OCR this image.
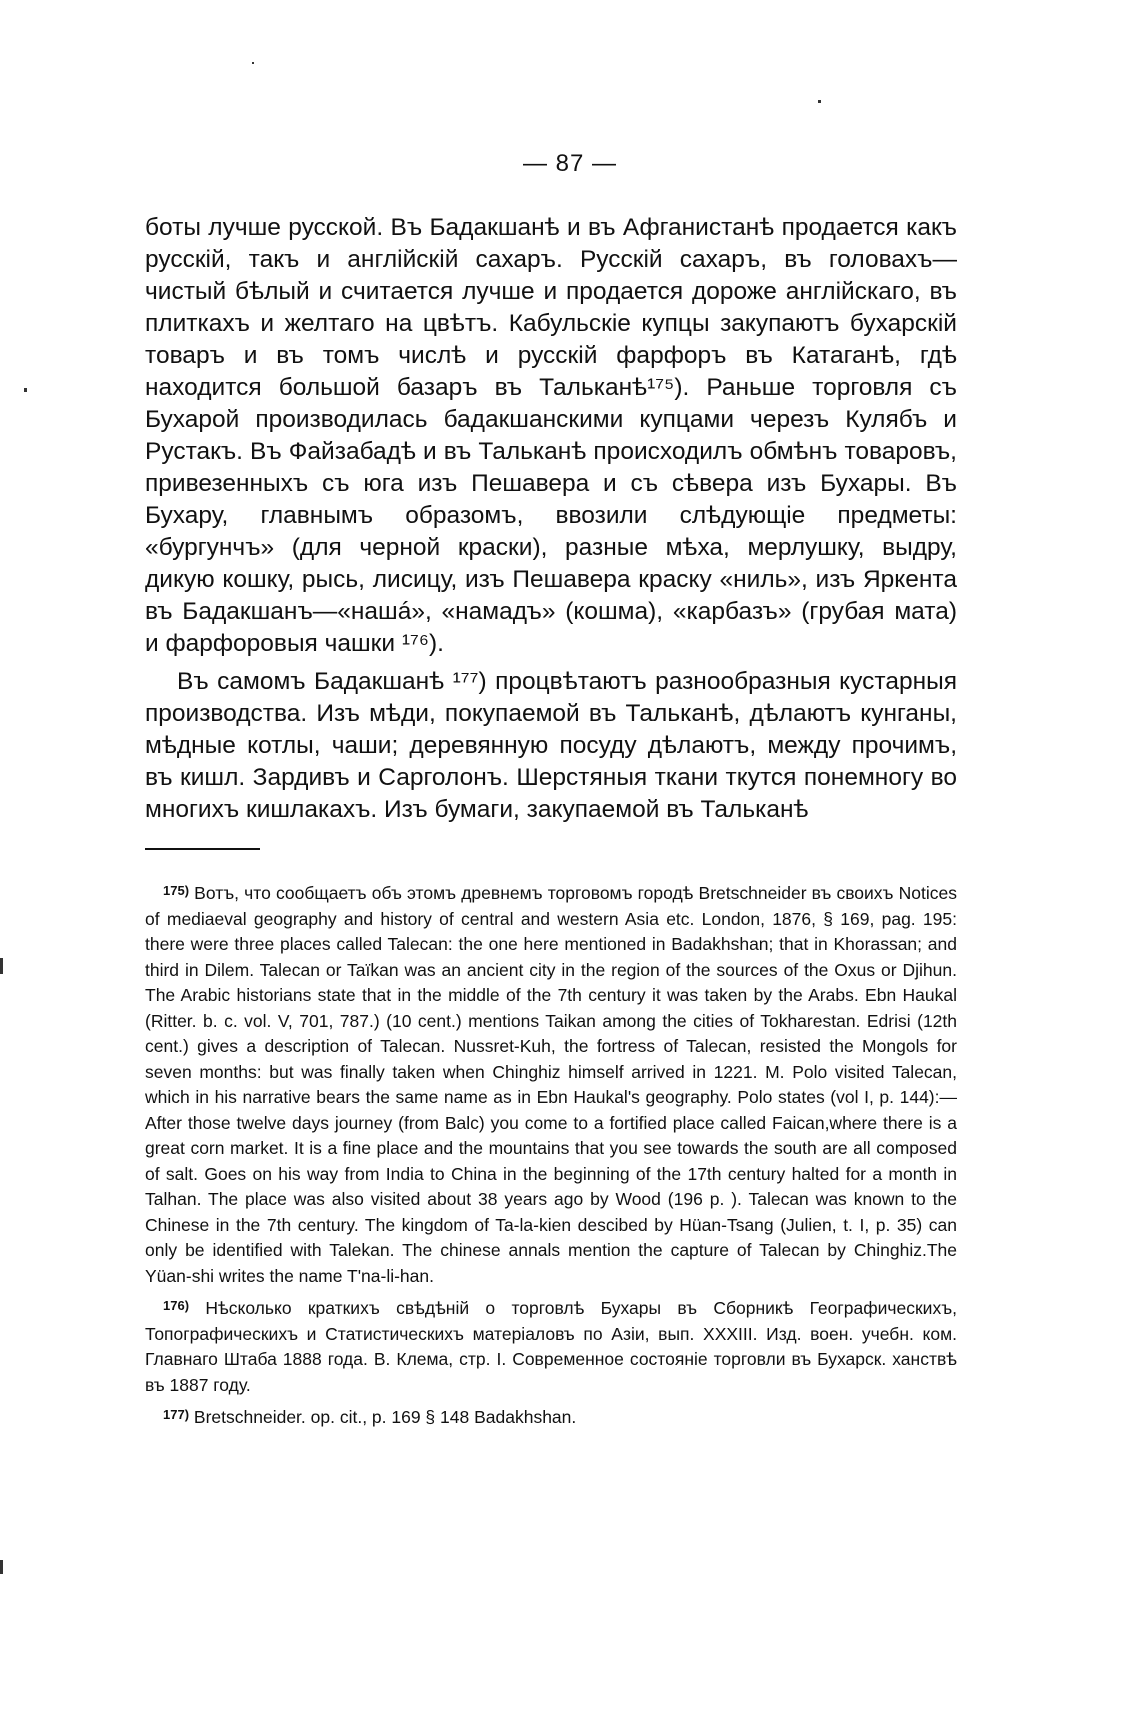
— 87 —

боты лучше русской. Въ Бадакшанѣ и въ Афганистанѣ продается какъ русскій, такъ и англійскій сахаръ. Русскій сахаръ, въ головахъ— чистый бѣлый и считается лучше и продается дороже англійскаго, въ плиткахъ и желтаго на цвѣтъ. Кабульскіе купцы закупаютъ бухарскій товаръ и въ томъ числѣ и русскій фарфоръ въ Катаганѣ, гдѣ находится большой базаръ въ Тальканѣ¹⁷⁵). Раньше торговля съ Бухарой производилась бадакшанскими купцами черезъ Кулябъ и Рустакъ. Въ Файзабадѣ и въ Тальканѣ происходилъ обмѣнъ товаровъ, привезенныхъ съ юга изъ Пешавера и съ сѣвера изъ Бухары. Въ Бухару, главнымъ образомъ, ввозили слѣдующіе предметы: «бургунчъ» (для черной краски), разные мѣха, мерлушку, выдру, дикую кошку, рысь, лисицу, изъ Пешавера краску «ниль», изъ Яркента въ Бадакшанъ—«нашá», «намадъ» (кошма), «карбазъ» (грубая мата) и фарфоровыя чашки ¹⁷⁶).

Въ самомъ Бадакшанѣ ¹⁷⁷) процвѣтаютъ разнообразныя кустарныя производства. Изъ мѣди, покупаемой въ Тальканѣ, дѣлаютъ кунганы, мѣдные котлы, чаши; деревянную посуду дѣлаютъ, между прочимъ, въ кишл. Зардивъ и Сарголонъ. Шерстяныя ткани ткутся понемногу во многихъ кишлакахъ. Изъ бумаги, закупаемой въ Тальканѣ

$^{175)}$ Вотъ, что сообщаетъ объ этомъ древнемъ торговомъ городѣ Bretschneider въ своихъ Notices of mediaeval geography and history of central and western Asia etc. London, 1876, § 169, pag. 195: there were three places called Talecan: the one here mentioned in Badakhshan; that in Khorassan; and third in Dilem. Talecan or Taïkan was an ancient city in the region of the sources of the Oxus or Djihun. The Arabic historians state that in the middle of the 7th century it was taken by the Arabs. Ebn Haukal (Ritter. b. c. vol. V, 701, 787.) (10 cent.) mentions Taikan among the cities of Tokharestan. Edrisi (12th cent.) gives a description of Talecan. Nussret-Kuh, the fortress of Talecan, resisted the Mongols for seven months: but was finally taken when Chinghiz himself arrived in 1221. M. Polo visited Talecan, which in his narrative bears the same name as in Ebn Haukal's geography. Polo states (vol I, p. 144):— After those twelve days journey (from Balc) you come to a fortified place called Faican,where there is a great corn market. It is a fine place and the mountains that you see towards the south are all composed of salt. Goes on his way from India to China in the beginning of the 17th century halted for a month in Talhan. The place was also visited about 38 years ago by Wood (196 p. ). Talecan was known to the Chinese in the 7th century. The kingdom of Ta-la-kien descibed by Hüan-Tsang (Julien, t. I, p. 35) can only be identified with Talekan. The chinese annals mention the capture of Talecan by Chinghiz.The Yüan-shi writes the name T'na-li-han.

$^{176)}$ Нѣсколько краткихъ свѣдѣній о торговлѣ Бухары въ Сборникѣ Географическихъ, Топографическихъ и Статистическихъ матеріаловъ по Азіи, вып. XXXIII. Изд. воен. учебн. ком. Главнаго Штаба 1888 года. В. Клема, стр. I. Современное состояніе торговли въ Бухарск. ханствѣ въ 1887 году.

$^{177)}$ Bretschneider. op. cit., p. 169 § 148 Badakhshan.
